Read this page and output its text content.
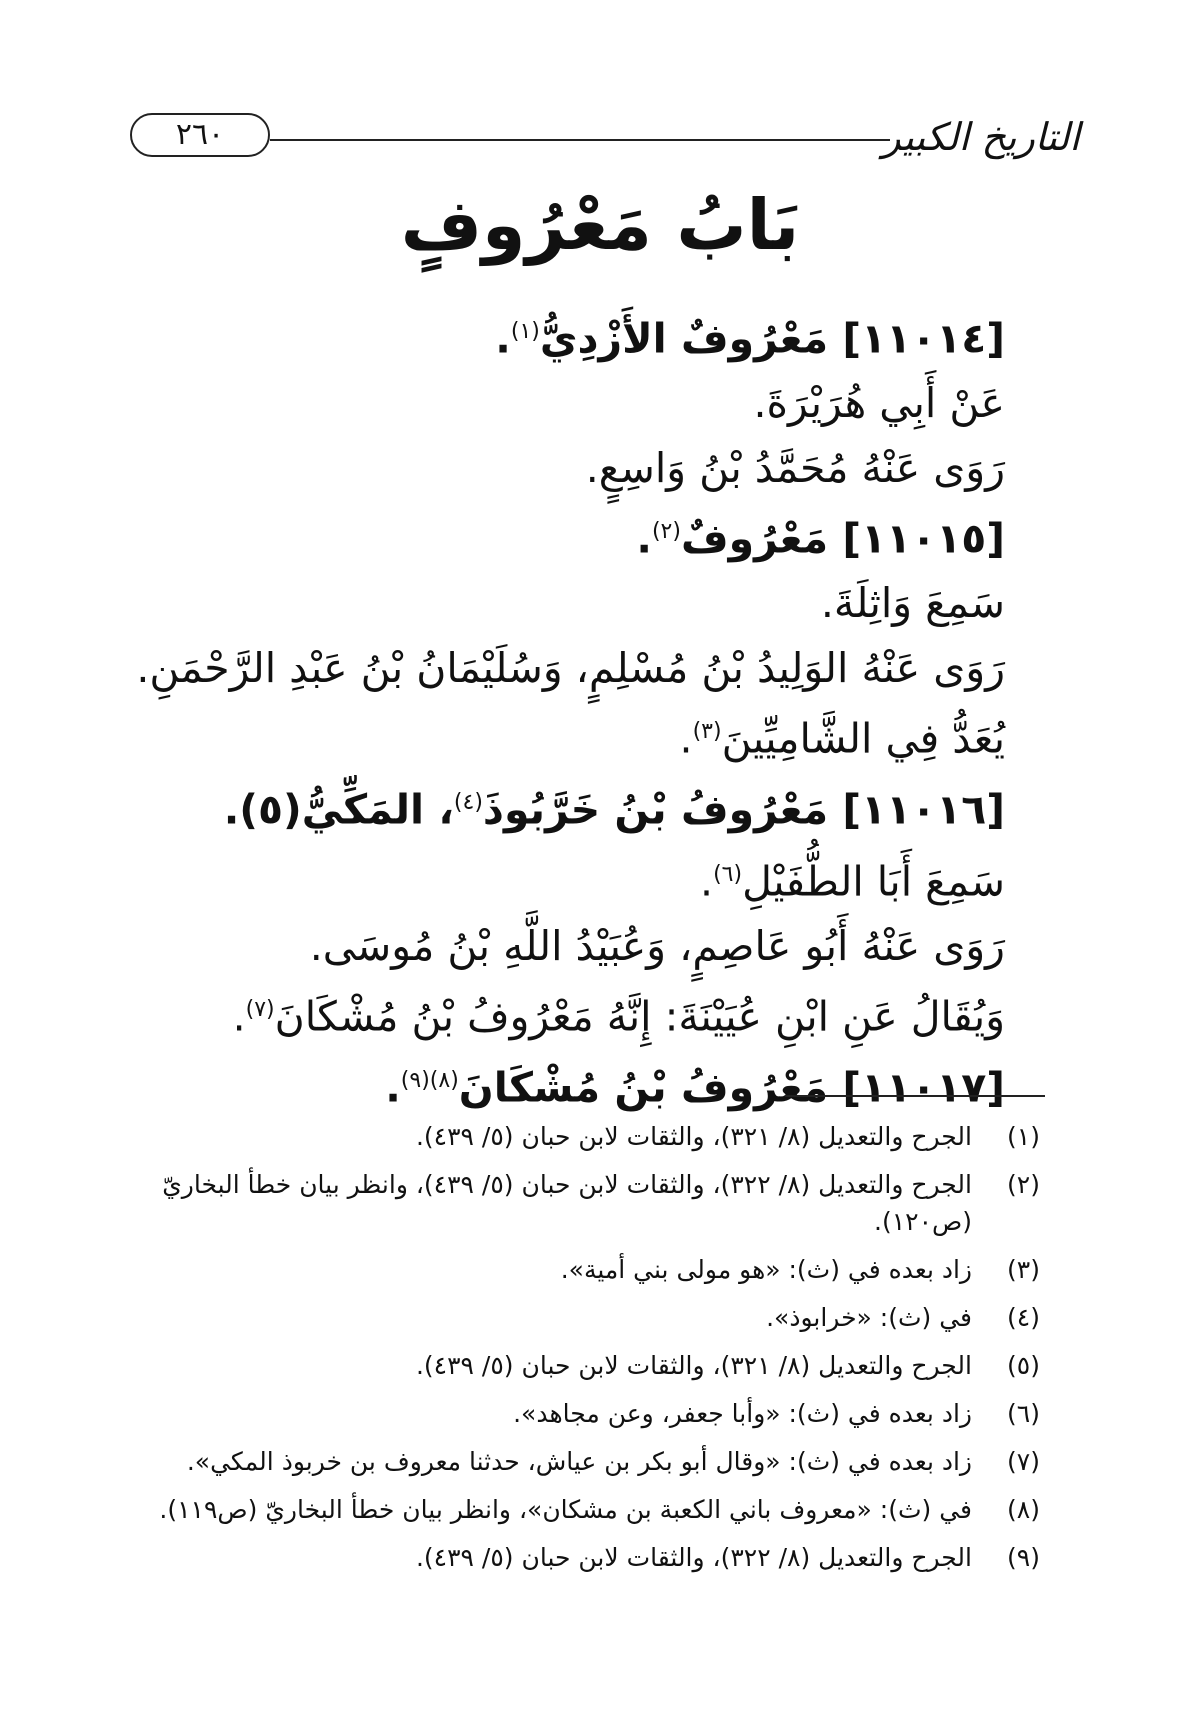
التاريخ الكبير
٢٦٠
بَابُ مَعْرُوفٍ
[١١٠١٤] مَعْرُوفٌ الأَزْدِيُّ$^{(١)}$.
عَنْ أَبِي هُرَيْرَةَ.
رَوَى عَنْهُ مُحَمَّدُ بْنُ وَاسِعٍ.
[١١٠١٥] مَعْرُوفٌ$^{(٢)}$.
سَمِعَ وَاثِلَةَ.
رَوَى عَنْهُ الوَلِيدُ بْنُ مُسْلِمٍ، وَسُلَيْمَانُ بْنُ عَبْدِ الرَّحْمَنِ.
يُعَدُّ فِي الشَّامِيِّينَ$^{(٣)}$.
[١١٠١٦] مَعْرُوفُ بْنُ خَرَّبُوذَ$^{(٤)}$، المَكِّيُّ(٥).
سَمِعَ أَبَا الطُّفَيْلِ$^{(٦)}$.
رَوَى عَنْهُ أَبُو عَاصِمٍ، وَعُبَيْدُ اللَّهِ بْنُ مُوسَى.
وَيُقَالُ عَنِ ابْنِ عُيَيْنَةَ: إِنَّهُ مَعْرُوفُ بْنُ مُشْكَانَ$^{(٧)}$.
[١١٠١٧] مَعْرُوفُ بْنُ مُشْكَانَ$^{(٨)(٩)}$.
(١)
الجرح والتعديل (٨/ ٣٢١)، والثقات لابن حبان (٥/ ٤٣٩).
(٢)
الجرح والتعديل (٨/ ٣٢٢)، والثقات لابن حبان (٥/ ٤٣٩)، وانظر بيان خطأ البخاريّ (ص١٢٠).
(٣)
زاد بعده في (ث): «هو مولى بني أمية».
(٤)
في (ث): «خرابوذ».
(٥)
الجرح والتعديل (٨/ ٣٢١)، والثقات لابن حبان (٥/ ٤٣٩).
(٦)
زاد بعده في (ث): «وأبا جعفر، وعن مجاهد».
(٧)
زاد بعده في (ث): «وقال أبو بكر بن عياش، حدثنا معروف بن خربوذ المكي».
(٨)
في (ث): «معروف باني الكعبة بن مشكان»، وانظر بيان خطأ البخاريّ (ص١١٩).
(٩)
الجرح والتعديل (٨/ ٣٢٢)، والثقات لابن حبان (٥/ ٤٣٩).
